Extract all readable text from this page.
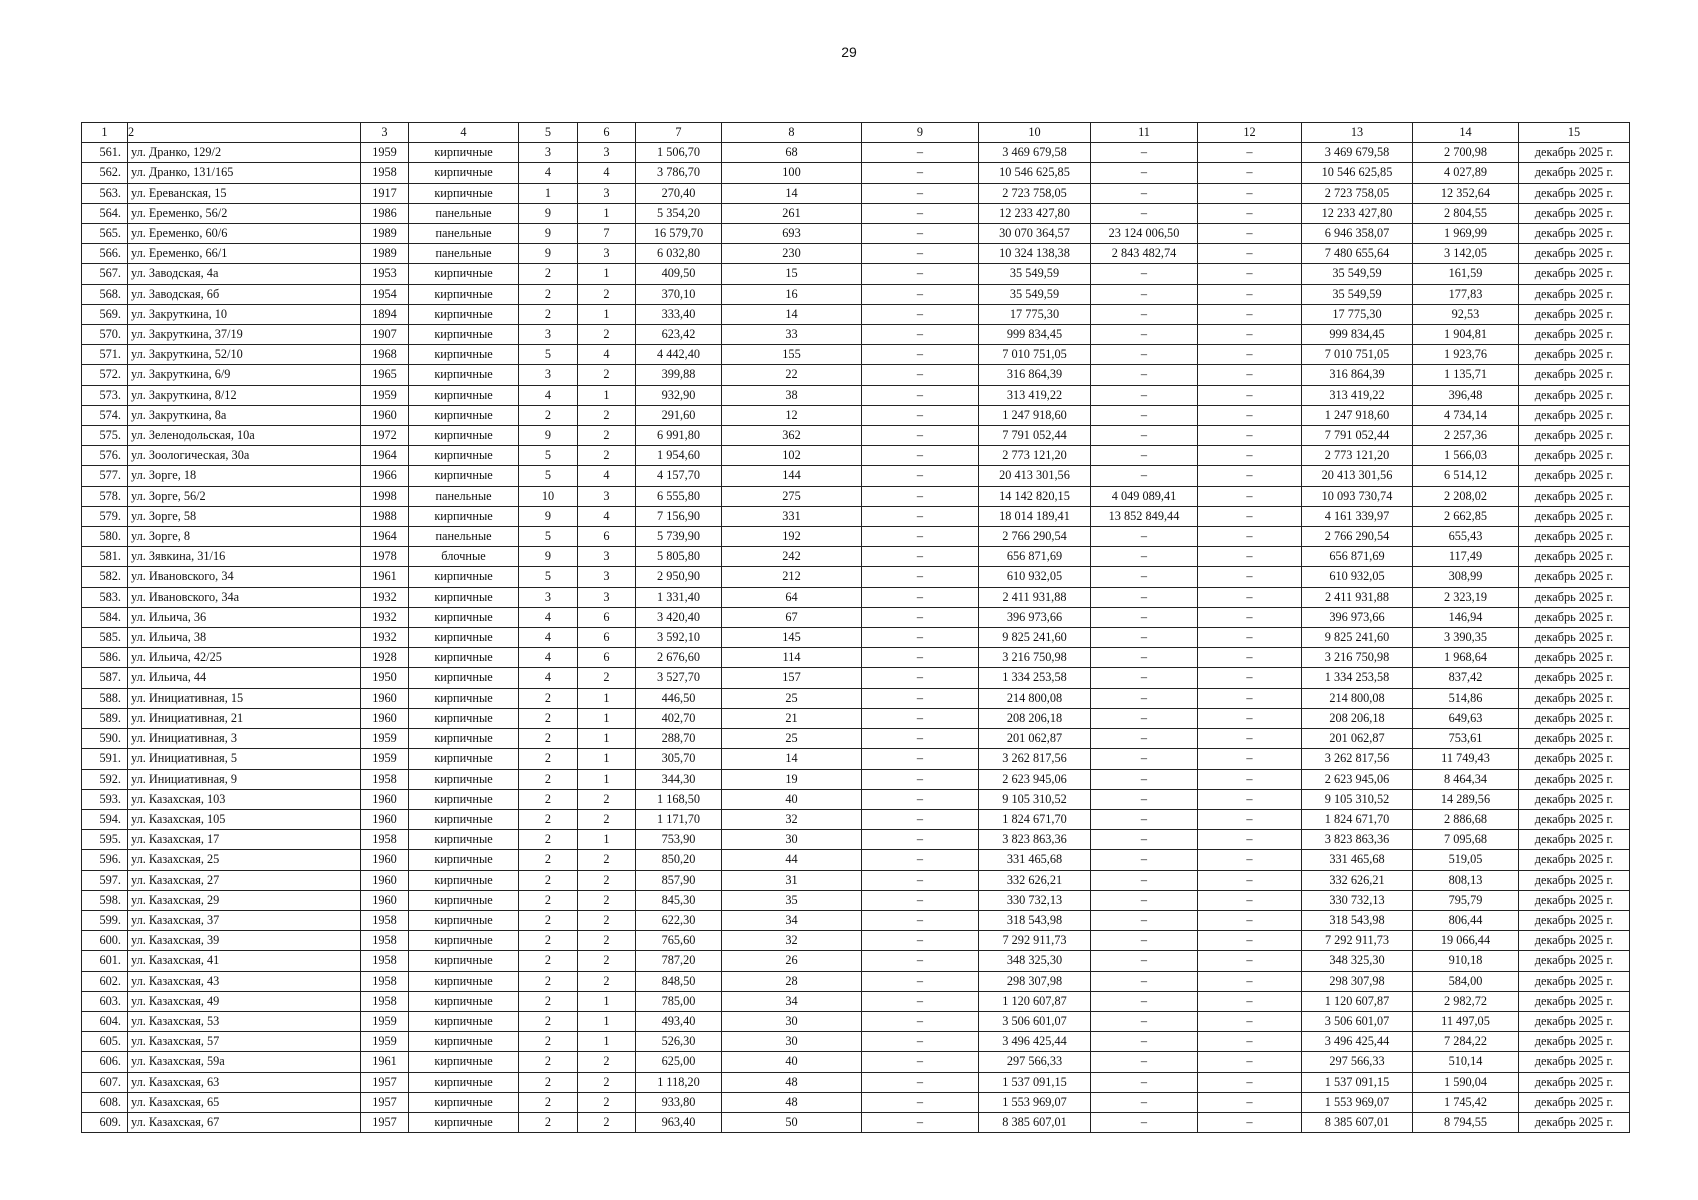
29
1	2	3	4	5	6	7	8	9	10	11	12	13	14	15
561.	ул. Дранко, 129/2	1959	кирпичные	3	3	1 506,70	68	–	3 469 679,58	–	–	3 469 679,58	2 700,98	декабрь 2025 г.
562.	ул. Дранко, 131/165	1958	кирпичные	4	4	3 786,70	100	–	10 546 625,85	–	–	10 546 625,85	4 027,89	декабрь 2025 г.
563.	ул. Ереванская, 15	1917	кирпичные	1	3	270,40	14	–	2 723 758,05	–	–	2 723 758,05	12 352,64	декабрь 2025 г.
564.	ул. Еременко, 56/2	1986	панельные	9	1	5 354,20	261	–	12 233 427,80	–	–	12 233 427,80	2 804,55	декабрь 2025 г.
565.	ул. Еременко, 60/6	1989	панельные	9	7	16 579,70	693	–	30 070 364,57	23 124 006,50	–	6 946 358,07	1 969,99	декабрь 2025 г.
566.	ул. Еременко, 66/1	1989	панельные	9	3	6 032,80	230	–	10 324 138,38	2 843 482,74	–	7 480 655,64	3 142,05	декабрь 2025 г.
567.	ул. Заводская, 4а	1953	кирпичные	2	1	409,50	15	–	35 549,59	–	–	35 549,59	161,59	декабрь 2025 г.
568.	ул. Заводская, 6б	1954	кирпичные	2	2	370,10	16	–	35 549,59	–	–	35 549,59	177,83	декабрь 2025 г.
569.	ул. Закруткина, 10	1894	кирпичные	2	1	333,40	14	–	17 775,30	–	–	17 775,30	92,53	декабрь 2025 г.
570.	ул. Закруткина, 37/19	1907	кирпичные	3	2	623,42	33	–	999 834,45	–	–	999 834,45	1 904,81	декабрь 2025 г.
571.	ул. Закруткина, 52/10	1968	кирпичные	5	4	4 442,40	155	–	7 010 751,05	–	–	7 010 751,05	1 923,76	декабрь 2025 г.
572.	ул. Закруткина, 6/9	1965	кирпичные	3	2	399,88	22	–	316 864,39	–	–	316 864,39	1 135,71	декабрь 2025 г.
573.	ул. Закруткина, 8/12	1959	кирпичные	4	1	932,90	38	–	313 419,22	–	–	313 419,22	396,48	декабрь 2025 г.
574.	ул. Закруткина, 8а	1960	кирпичные	2	2	291,60	12	–	1 247 918,60	–	–	1 247 918,60	4 734,14	декабрь 2025 г.
575.	ул. Зеленодольская, 10а	1972	кирпичные	9	2	6 991,80	362	–	7 791 052,44	–	–	7 791 052,44	2 257,36	декабрь 2025 г.
576.	ул. Зоологическая, 30а	1964	кирпичные	5	2	1 954,60	102	–	2 773 121,20	–	–	2 773 121,20	1 566,03	декабрь 2025 г.
577.	ул. Зорге, 18	1966	кирпичные	5	4	4 157,70	144	–	20 413 301,56	–	–	20 413 301,56	6 514,12	декабрь 2025 г.
578.	ул. Зорге, 56/2	1998	панельные	10	3	6 555,80	275	–	14 142 820,15	4 049 089,41	–	10 093 730,74	2 208,02	декабрь 2025 г.
579.	ул. Зорге, 58	1988	кирпичные	9	4	7 156,90	331	–	18 014 189,41	13 852 849,44	–	4 161 339,97	2 662,85	декабрь 2025 г.
580.	ул. Зорге, 8	1964	панельные	5	6	5 739,90	192	–	2 766 290,54	–	–	2 766 290,54	655,43	декабрь 2025 г.
581.	ул. Зявкина, 31/16	1978	блочные	9	3	5 805,80	242	–	656 871,69	–	–	656 871,69	117,49	декабрь 2025 г.
582.	ул. Ивановского, 34	1961	кирпичные	5	3	2 950,90	212	–	610 932,05	–	–	610 932,05	308,99	декабрь 2025 г.
583.	ул. Ивановского, 34а	1932	кирпичные	3	3	1 331,40	64	–	2 411 931,88	–	–	2 411 931,88	2 323,19	декабрь 2025 г.
584.	ул. Ильича, 36	1932	кирпичные	4	6	3 420,40	67	–	396 973,66	–	–	396 973,66	146,94	декабрь 2025 г.
585.	ул. Ильича, 38	1932	кирпичные	4	6	3 592,10	145	–	9 825 241,60	–	–	9 825 241,60	3 390,35	декабрь 2025 г.
586.	ул. Ильича, 42/25	1928	кирпичные	4	6	2 676,60	114	–	3 216 750,98	–	–	3 216 750,98	1 968,64	декабрь 2025 г.
587.	ул. Ильича, 44	1950	кирпичные	4	2	3 527,70	157	–	1 334 253,58	–	–	1 334 253,58	837,42	декабрь 2025 г.
588.	ул. Инициативная, 15	1960	кирпичные	2	1	446,50	25	–	214 800,08	–	–	214 800,08	514,86	декабрь 2025 г.
589.	ул. Инициативная, 21	1960	кирпичные	2	1	402,70	21	–	208 206,18	–	–	208 206,18	649,63	декабрь 2025 г.
590.	ул. Инициативная, 3	1959	кирпичные	2	1	288,70	25	–	201 062,87	–	–	201 062,87	753,61	декабрь 2025 г.
591.	ул. Инициативная, 5	1959	кирпичные	2	1	305,70	14	–	3 262 817,56	–	–	3 262 817,56	11 749,43	декабрь 2025 г.
592.	ул. Инициативная, 9	1958	кирпичные	2	1	344,30	19	–	2 623 945,06	–	–	2 623 945,06	8 464,34	декабрь 2025 г.
593.	ул. Казахская, 103	1960	кирпичные	2	2	1 168,50	40	–	9 105 310,52	–	–	9 105 310,52	14 289,56	декабрь 2025 г.
594.	ул. Казахская, 105	1960	кирпичные	2	2	1 171,70	32	–	1 824 671,70	–	–	1 824 671,70	2 886,68	декабрь 2025 г.
595.	ул. Казахская, 17	1958	кирпичные	2	1	753,90	30	–	3 823 863,36	–	–	3 823 863,36	7 095,68	декабрь 2025 г.
596.	ул. Казахская, 25	1960	кирпичные	2	2	850,20	44	–	331 465,68	–	–	331 465,68	519,05	декабрь 2025 г.
597.	ул. Казахская, 27	1960	кирпичные	2	2	857,90	31	–	332 626,21	–	–	332 626,21	808,13	декабрь 2025 г.
598.	ул. Казахская, 29	1960	кирпичные	2	2	845,30	35	–	330 732,13	–	–	330 732,13	795,79	декабрь 2025 г.
599.	ул. Казахская, 37	1958	кирпичные	2	2	622,30	34	–	318 543,98	–	–	318 543,98	806,44	декабрь 2025 г.
600.	ул. Казахская, 39	1958	кирпичные	2	2	765,60	32	–	7 292 911,73	–	–	7 292 911,73	19 066,44	декабрь 2025 г.
601.	ул. Казахская, 41	1958	кирпичные	2	2	787,20	26	–	348 325,30	–	–	348 325,30	910,18	декабрь 2025 г.
602.	ул. Казахская, 43	1958	кирпичные	2	2	848,50	28	–	298 307,98	–	–	298 307,98	584,00	декабрь 2025 г.
603.	ул. Казахская, 49	1958	кирпичные	2	1	785,00	34	–	1 120 607,87	–	–	1 120 607,87	2 982,72	декабрь 2025 г.
604.	ул. Казахская, 53	1959	кирпичные	2	1	493,40	30	–	3 506 601,07	–	–	3 506 601,07	11 497,05	декабрь 2025 г.
605.	ул. Казахская, 57	1959	кирпичные	2	1	526,30	30	–	3 496 425,44	–	–	3 496 425,44	7 284,22	декабрь 2025 г.
606.	ул. Казахская, 59а	1961	кирпичные	2	2	625,00	40	–	297 566,33	–	–	297 566,33	510,14	декабрь 2025 г.
607.	ул. Казахская, 63	1957	кирпичные	2	2	1 118,20	48	–	1 537 091,15	–	–	1 537 091,15	1 590,04	декабрь 2025 г.
608.	ул. Казахская, 65	1957	кирпичные	2	2	933,80	48	–	1 553 969,07	–	–	1 553 969,07	1 745,42	декабрь 2025 г.
609.	ул. Казахская, 67	1957	кирпичные	2	2	963,40	50	–	8 385 607,01	–	–	8 385 607,01	8 794,55	декабрь 2025 г.
